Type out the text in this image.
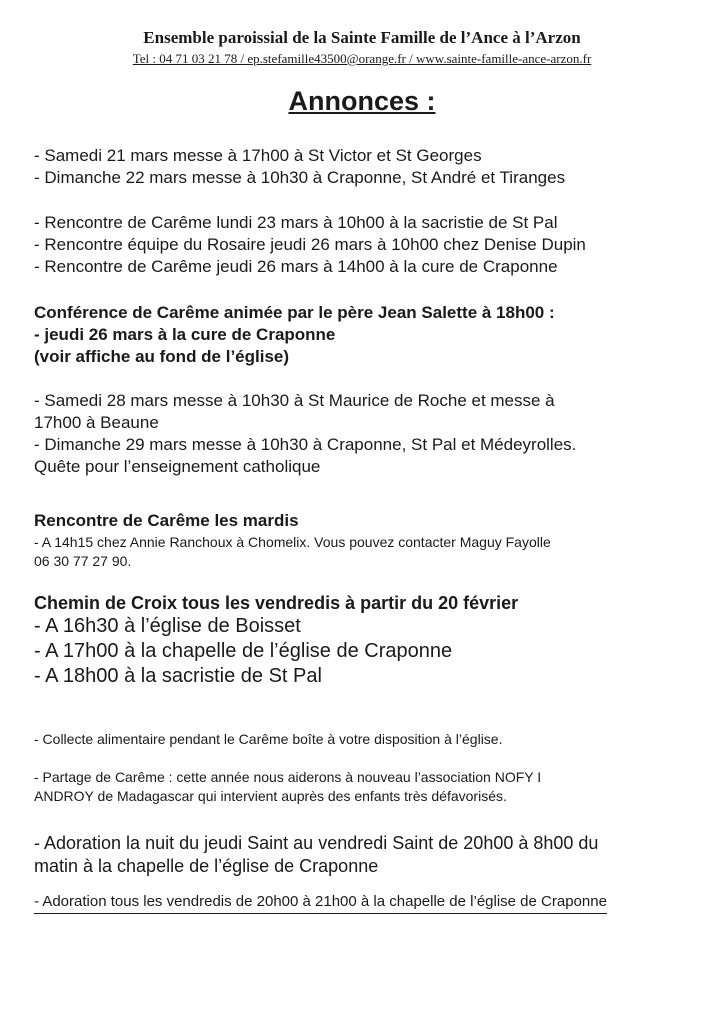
Ensemble paroissial de la Sainte Famille de l’Ance à l’Arzon
Tel : 04 71 03 21 78 / ep.stefamille43500@orange.fr / www.sainte-famille-ance-arzon.fr
Annonces :
- Samedi 21 mars messe à 17h00 à St Victor et St Georges
- Dimanche 22 mars messe à 10h30 à Craponne, St André et Tiranges
- Rencontre de Carême lundi 23 mars à 10h00 à la sacristie de St Pal
- Rencontre équipe du Rosaire jeudi 26 mars à 10h00 chez Denise Dupin
- Rencontre de Carême jeudi 26 mars à 14h00 à la cure de Craponne
Conférence de Carême animée par le père Jean Salette à 18h00 :
- jeudi 26 mars à la cure de Craponne
(voir affiche au fond de l’église)
- Samedi 28 mars messe à 10h30 à St Maurice de Roche et messe à
17h00 à Beaune
- Dimanche 29 mars messe à 10h30 à Craponne, St Pal et Médeyrolles.
Quête pour l’enseignement catholique
Rencontre de Carême les mardis
- A 14h15 chez Annie Ranchoux à Chomelix. Vous pouvez contacter Maguy Fayolle
06 30 77 27 90.
Chemin de Croix tous les vendredis à partir du 20 février
- A 16h30 à l’église de Boisset
- A 17h00 à la chapelle de l’église de Craponne
- A 18h00 à la sacristie de St Pal
- Collecte alimentaire pendant le Carême boîte à votre disposition à l’église.
- Partage de Carême : cette année nous aiderons à nouveau l’association NOFY I
ANDROY de Madagascar qui intervient auprès des enfants très défavorisés.
- Adoration la nuit du jeudi Saint au vendredi Saint de 20h00 à 8h00 du
matin à la chapelle de l’église de Craponne
- Adoration tous les vendredis de 20h00 à 21h00 à la chapelle de l’église de Craponne
